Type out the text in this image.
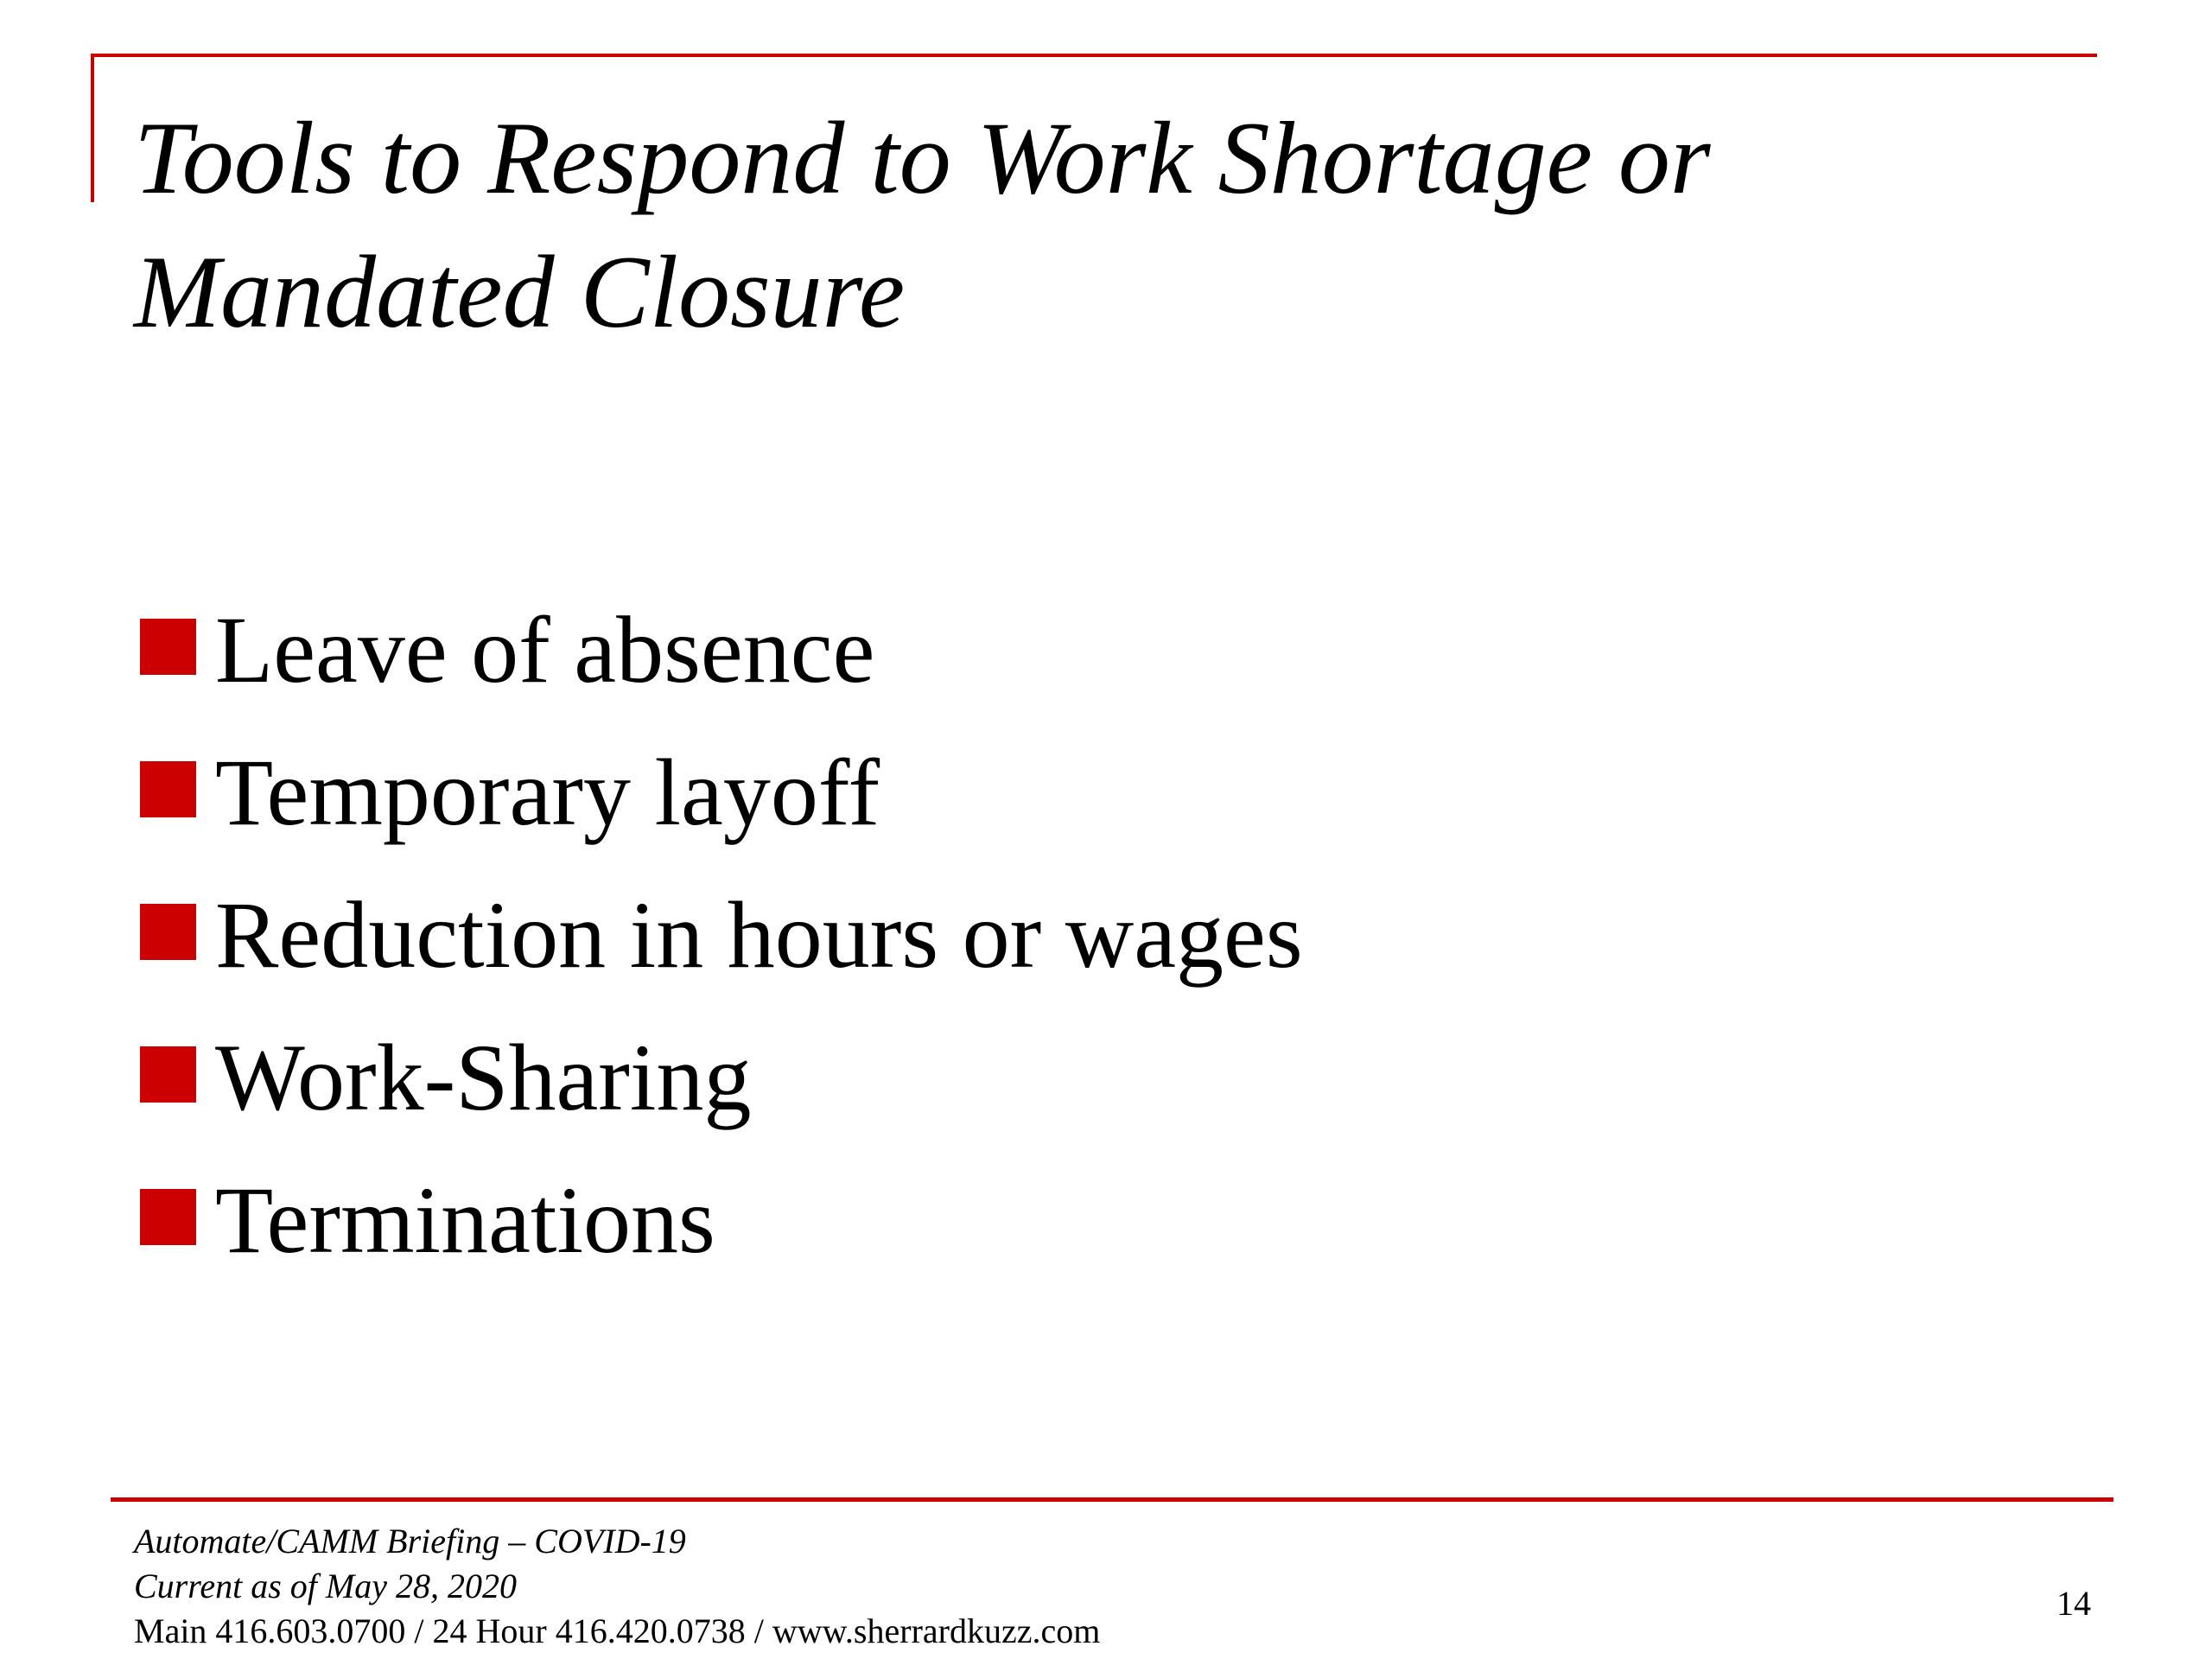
Tools to Respond to Work Shortage or Mandated Closure
Leave of absence
Temporary layoff
Reduction in hours or wages
Work-Sharing
Terminations
Automate/CAMM Briefing – COVID-19
Current as of May 28, 2020
Main 416.603.0700 / 24 Hour 416.420.0738 / www.sherrardkuzz.com
14
